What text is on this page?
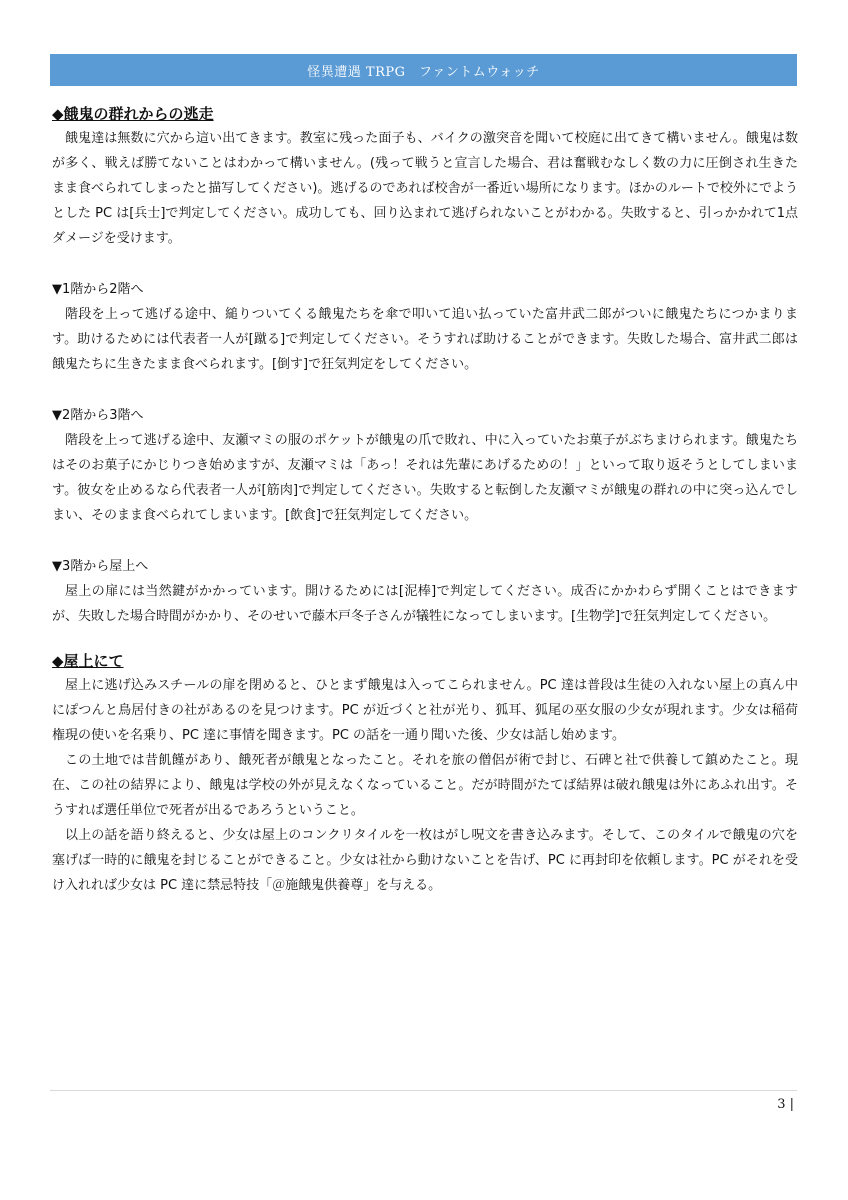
怪異遭遇 TRPG　ファントムウォッチ
◆餓鬼の群れからの逃走

餓鬼達は無数に穴から這い出てきます。教室に残った面子も、バイクの激突音を聞いて校庭に出てきて構いません。餓鬼は数が多く、戦えば勝てないことはわかって構いません。(残って戦うと宣言した場合、君は奮戦むなしく数の力に圧倒され生きたまま食べられてしまったと描写してください)。逃げるのであれば校舎が一番近い場所になります。ほかのルートで校外にでようとした PC は[兵士]で判定してください。成功しても、回り込まれて逃げられないことがわかる。失敗すると、引っかかれて1点ダメージを受けます。

▼1階から2階へ

階段を上って逃げる途中、縋りついてくる餓鬼たちを傘で叩いて追い払っていた富井武二郎がついに餓鬼たちにつかまります。助けるためには代表者一人が[蹴る]で判定してください。そうすれば助けることができます。失敗した場合、富井武二郎は餓鬼たちに生きたまま食べられます。[倒す]で狂気判定をしてください。

▼2階から3階へ

階段を上って逃げる途中、友瀬マミの服のポケットが餓鬼の爪で敗れ、中に入っていたお菓子がぶちまけられます。餓鬼たちはそのお菓子にかじりつき始めますが、友瀬マミは「あっ！それは先輩にあげるための！」といって取り返そうとしてしまいます。彼女を止めるなら代表者一人が[筋肉]で判定してください。失敗すると転倒した友瀬マミが餓鬼の群れの中に突っ込んでしまい、そのまま食べられてしまいます。[飲食]で狂気判定してください。

▼3階から屋上へ

屋上の扉には当然鍵がかかっています。開けるためには[泥棒]で判定してください。成否にかかわらず開くことはできますが、失敗した場合時間がかかり、そのせいで藤木戸冬子さんが犠牲になってしまいます。[生物学]で狂気判定してください。

◆屋上にて

屋上に逃げ込みスチールの扉を閉めると、ひとまず餓鬼は入ってこられません。PC 達は普段は生徒の入れない屋上の真ん中にぽつんと鳥居付きの社があるのを見つけます。PC が近づくと社が光り、狐耳、狐尾の巫女服の少女が現れます。少女は稲荷権現の使いを名乗り、PC 達に事情を聞きます。PC の話を一通り聞いた後、少女は話し始めます。

この土地では昔飢饉があり、餓死者が餓鬼となったこと。それを旅の僧侶が術で封じ、石碑と社で供養して鎮めたこと。現在、この社の結界により、餓鬼は学校の外が見えなくなっていること。だが時間がたてば結界は破れ餓鬼は外にあふれ出す。そうすれば選任単位で死者が出るであろうということ。

以上の話を語り終えると、少女は屋上のコンクリタイルを一枚はがし呪文を書き込みます。そして、このタイルで餓鬼の穴を塞げば一時的に餓鬼を封じることができること。少女は社から動けないことを告げ、PC に再封印を依頼します。PC がそれを受け入れれば少女は PC 達に禁忌特技「＠施餓鬼供養尊」を与える。

3 |
